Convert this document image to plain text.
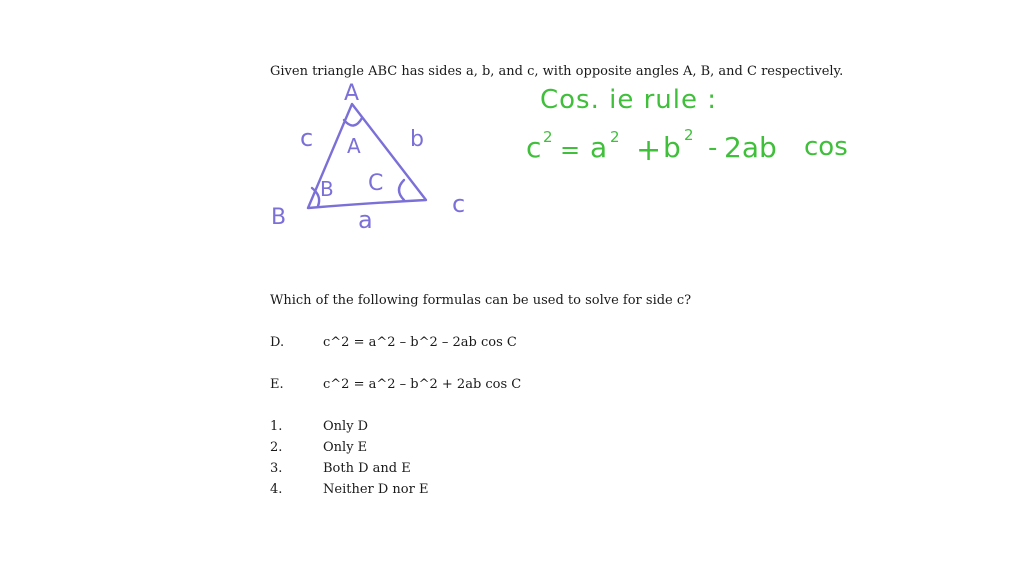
Given triangle ABC has sides a, b, and c, with opposite angles A, B, and C respectively.
A
c A b
B C
B	a
c
Cos. ie rule :
c 2 = a 2 + b 2 - 2ab cos
Which of the following formulas can be used to solve for side c?
D.	c^2 = a^2 – b^2 – 2ab cos C
E.	c^2 = a^2 – b^2 + 2ab cos C
1.	Only D
2.	Only E
3.	Both D and E
4.	Neither D nor E
